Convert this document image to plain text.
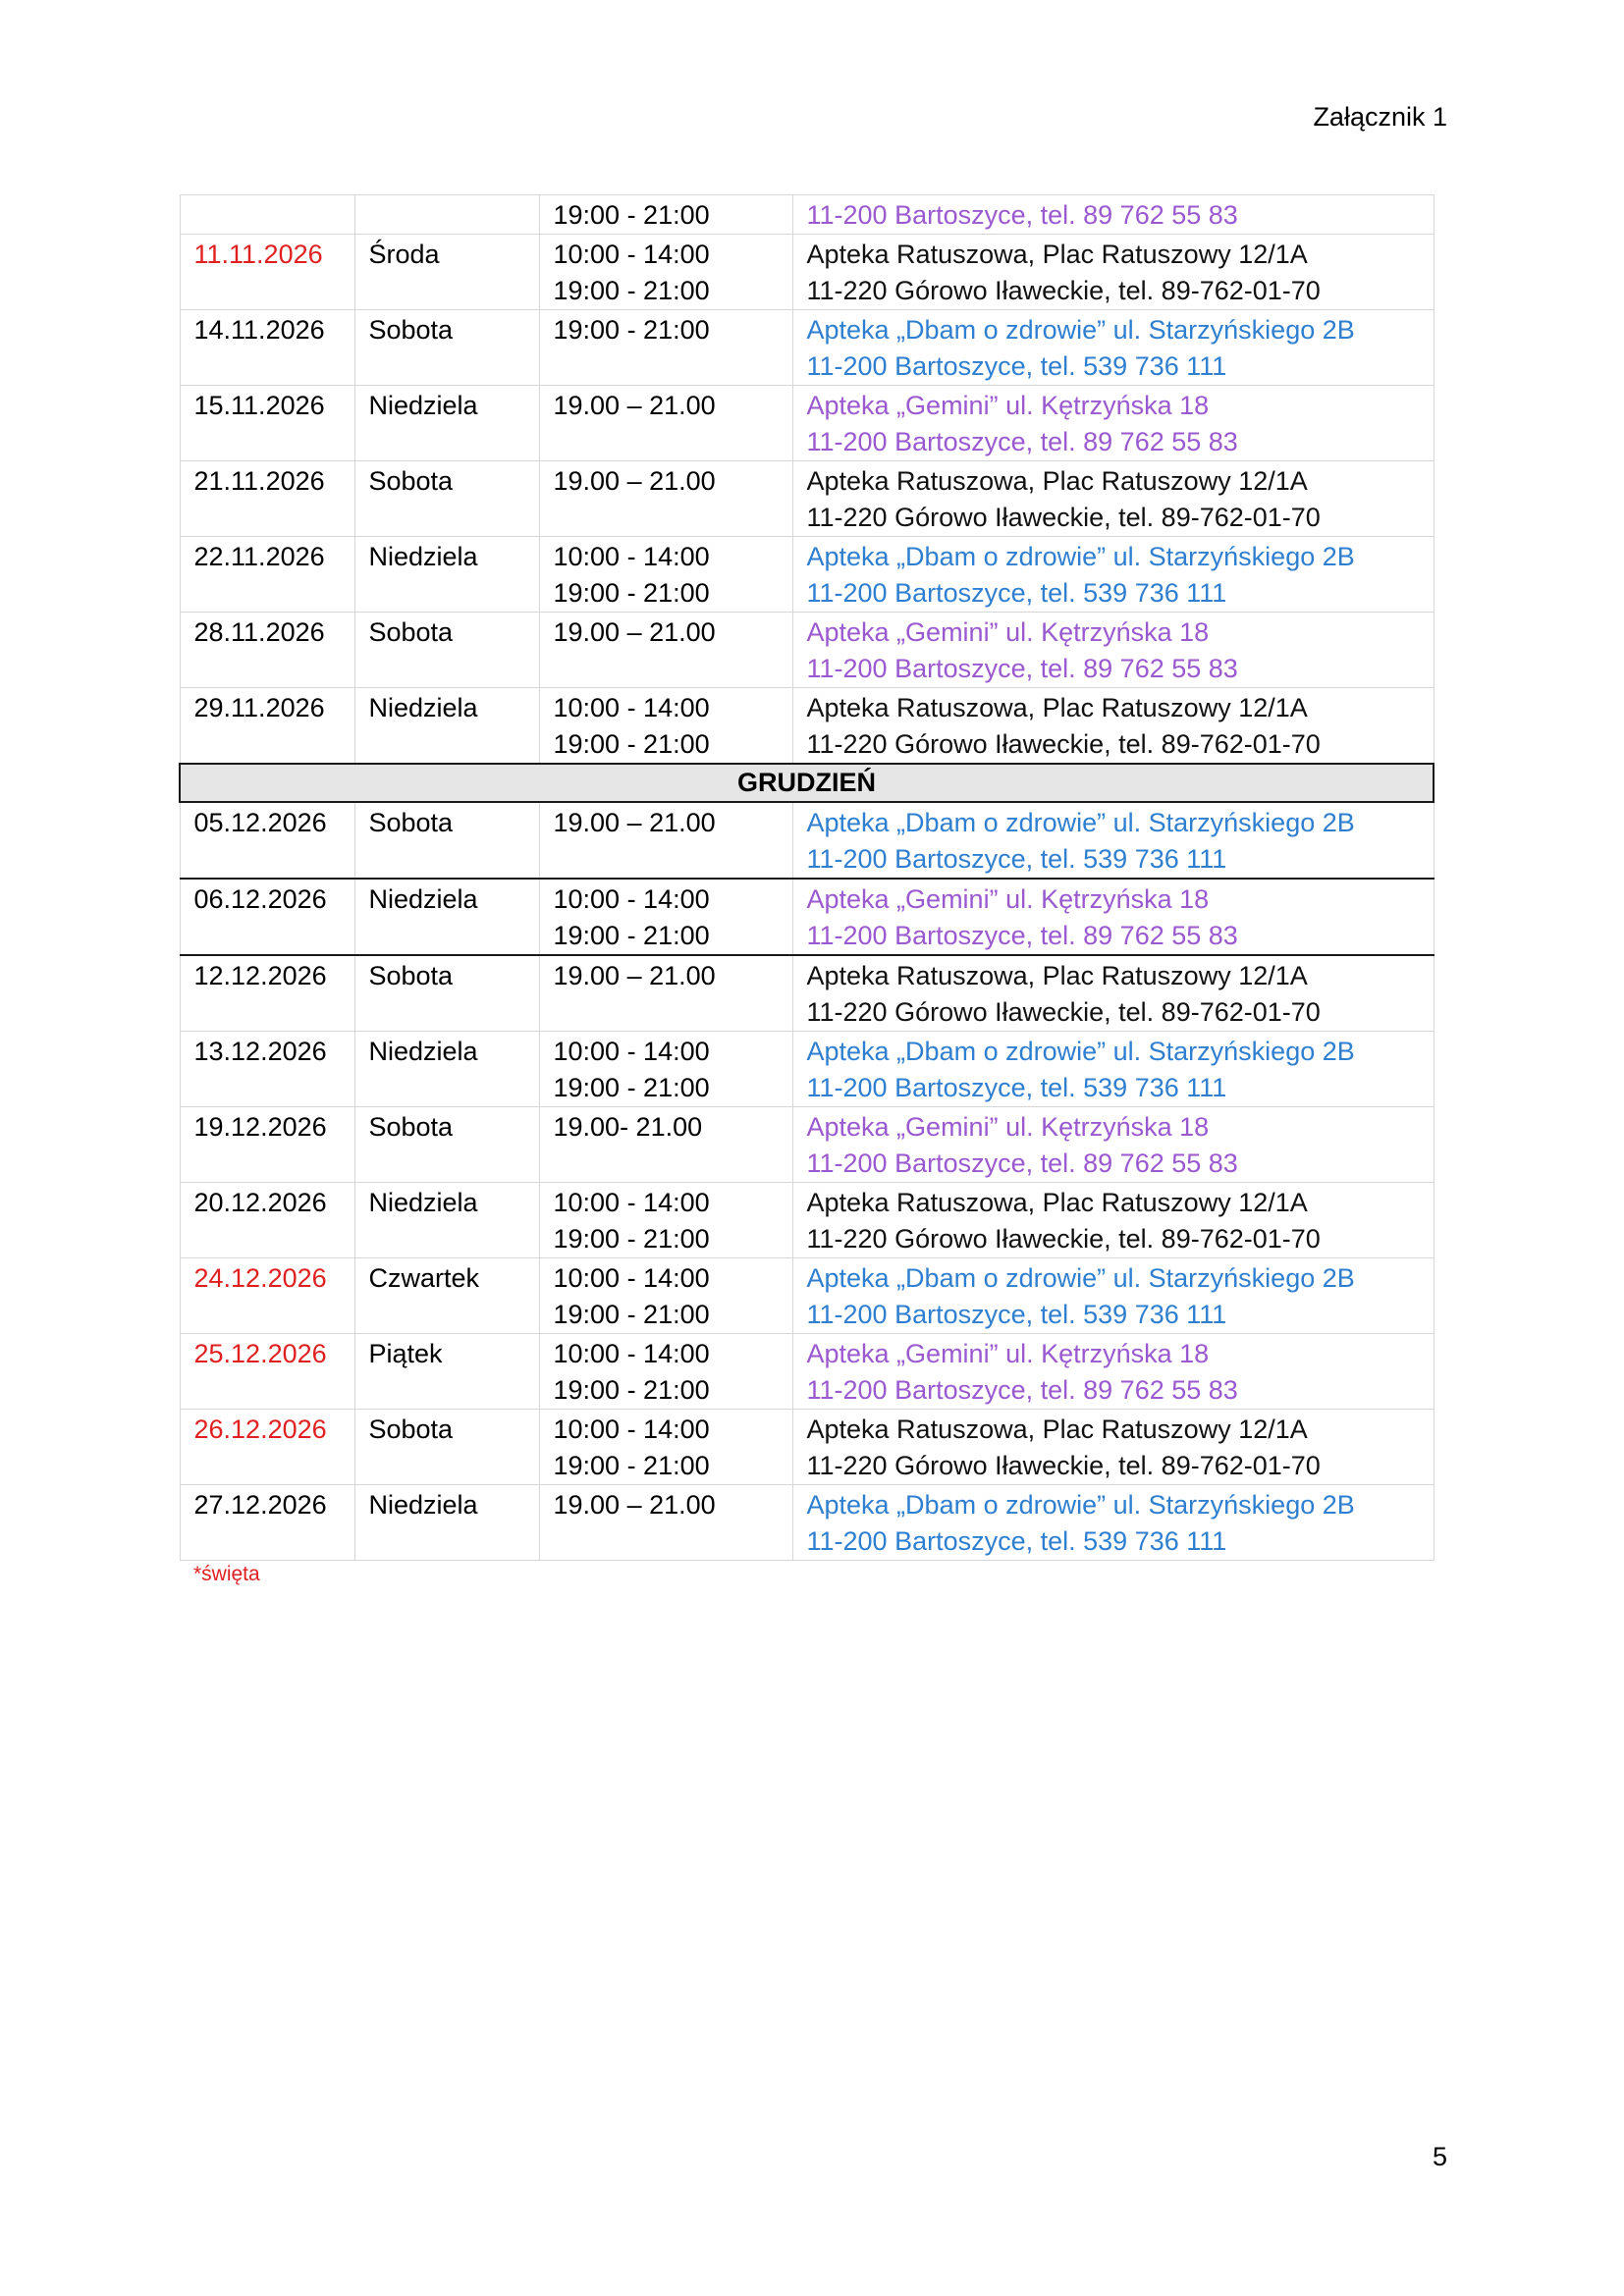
Załącznik 1

		19:00 - 21:00	11-200 Bartoszyce, tel. 89 762 55 83

11.11.2026	Środa	10:00 - 14:00
19:00 - 21:00	Apteka Ratuszowa, Plac Ratuszowy 12/1A
11-220 Górowo Iławeckie, tel. 89-762-01-70

14.11.2026	Sobota	19:00 - 21:00	Apteka „Dbam o zdrowie” ul. Starzyńskiego 2B
11-200 Bartoszyce, tel. 539 736 111

15.11.2026	Niedziela	19.00 – 21.00	Apteka „Gemini” ul. Kętrzyńska 18
11-200 Bartoszyce, tel. 89 762 55 83

21.11.2026	Sobota	19.00 – 21.00	Apteka Ratuszowa, Plac Ratuszowy 12/1A
11-220 Górowo Iławeckie, tel. 89-762-01-70

22.11.2026	Niedziela	10:00 - 14:00
19:00 - 21:00	Apteka „Dbam o zdrowie” ul. Starzyńskiego 2B
11-200 Bartoszyce, tel. 539 736 111

28.11.2026	Sobota	19.00 – 21.00	Apteka „Gemini” ul. Kętrzyńska 18
11-200 Bartoszyce, tel. 89 762 55 83

29.11.2026	Niedziela	10:00 - 14:00
19:00 - 21:00	Apteka Ratuszowa, Plac Ratuszowy 12/1A
11-220 Górowo Iławeckie, tel. 89-762-01-70

GRUDZIEŃ			
05.12.2026	Sobota	19.00 – 21.00	Apteka „Dbam o zdrowie” ul. Starzyńskiego 2B
11-200 Bartoszyce, tel. 539 736 111

06.12.2026	Niedziela	10:00 - 14:00
19:00 - 21:00	Apteka „Gemini” ul. Kętrzyńska 18
11-200 Bartoszyce, tel. 89 762 55 83

12.12.2026	Sobota	19.00 – 21.00	Apteka Ratuszowa, Plac Ratuszowy 12/1A
11-220 Górowo Iławeckie, tel. 89-762-01-70

13.12.2026	Niedziela	10:00 - 14:00
19:00 - 21:00	Apteka „Dbam o zdrowie” ul. Starzyńskiego 2B
11-200 Bartoszyce, tel. 539 736 111

19.12.2026	Sobota	19.00- 21.00	Apteka „Gemini” ul. Kętrzyńska 18
11-200 Bartoszyce, tel. 89 762 55 83

20.12.2026	Niedziela	10:00 - 14:00
19:00 - 21:00	Apteka Ratuszowa, Plac Ratuszowy 12/1A
11-220 Górowo Iławeckie, tel. 89-762-01-70

24.12.2026	Czwartek	10:00 - 14:00
19:00 - 21:00	Apteka „Dbam o zdrowie” ul. Starzyńskiego 2B
11-200 Bartoszyce, tel. 539 736 111

25.12.2026	Piątek	10:00 - 14:00
19:00 - 21:00	Apteka „Gemini” ul. Kętrzyńska 18
11-200 Bartoszyce, tel. 89 762 55 83

26.12.2026	Sobota	10:00 - 14:00
19:00 - 21:00	Apteka Ratuszowa, Plac Ratuszowy 12/1A
11-220 Górowo Iławeckie, tel. 89-762-01-70

27.12.2026	Niedziela	19.00 – 21.00	Apteka „Dbam o zdrowie” ul. Starzyńskiego 2B
11-200 Bartoszyce, tel. 539 736 111
*święta
5
